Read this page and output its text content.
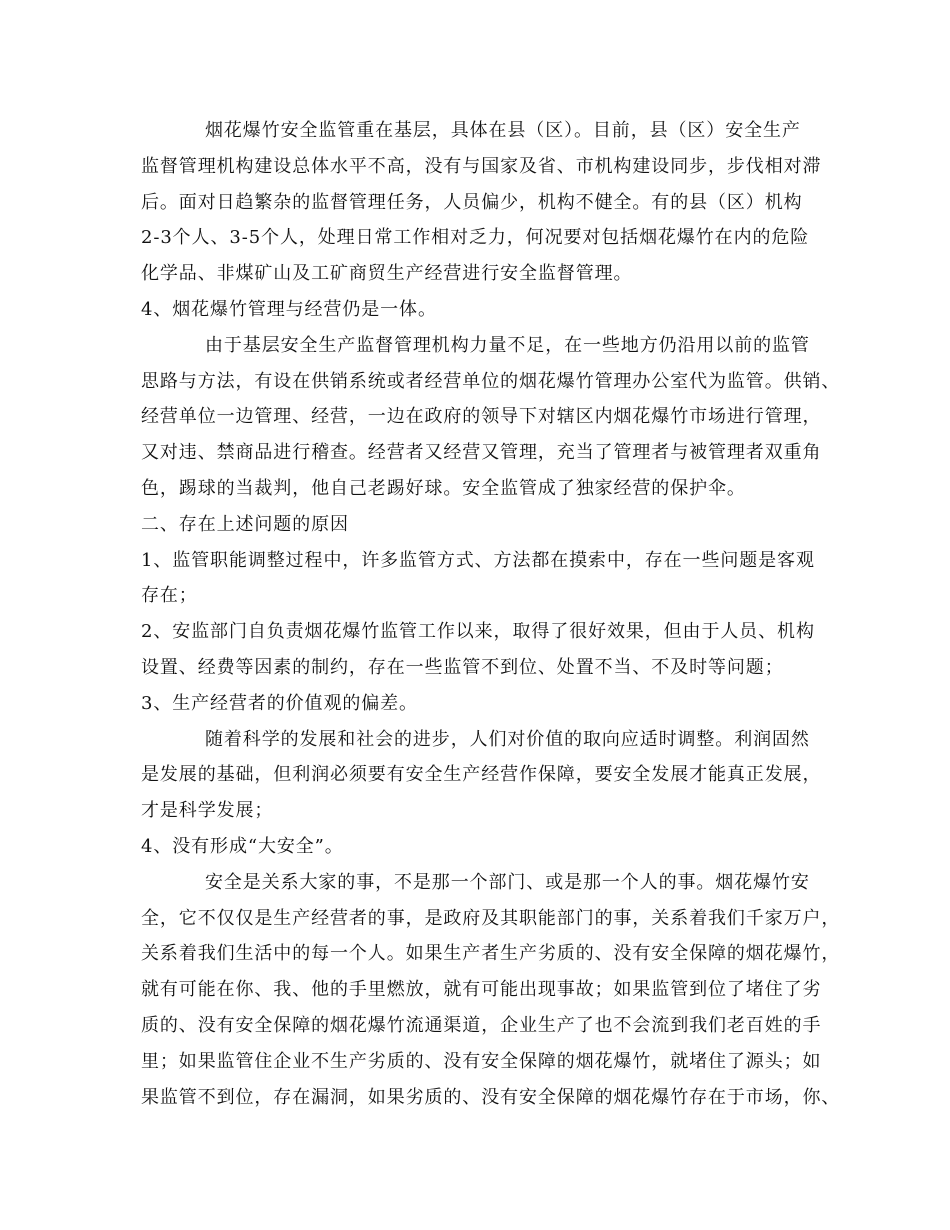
烟花爆竹安全监管重在基层，具体在县（区）。目前，县（区）安全生产
监督管理机构建设总体水平不高，没有与国家及省、市机构建设同步，步伐相对滞
后。面对日趋繁杂的监督管理任务，人员偏少，机构不健全。有的县（区）机构
2-3个人、3-5个人，处理日常工作相对乏力，何况要对包括烟花爆竹在内的危险
化学品、非煤矿山及工矿商贸生产经营进行安全监督管理。
4、烟花爆竹管理与经营仍是一体。
由于基层安全生产监督管理机构力量不足，在一些地方仍沿用以前的监管
思路与方法，有设在供销系统或者经营单位的烟花爆竹管理办公室代为监管。供销、
经营单位一边管理、经营，一边在政府的领导下对辖区内烟花爆竹市场进行管理，
又对违、禁商品进行稽查。经营者又经营又管理，充当了管理者与被管理者双重角
色，踢球的当裁判，他自己老踢好球。安全监管成了独家经营的保护伞。
二、存在上述问题的原因
1、监管职能调整过程中，许多监管方式、方法都在摸索中，存在一些问题是客观
存在；
2、安监部门自负责烟花爆竹监管工作以来，取得了很好效果，但由于人员、机构
设置、经费等因素的制约，存在一些监管不到位、处置不当、不及时等问题；
3、生产经营者的价值观的偏差。
随着科学的发展和社会的进步，人们对价值的取向应适时调整。利润固然
是发展的基础，但利润必须要有安全生产经营作保障，要安全发展才能真正发展，
才是科学发展；
4、没有形成“大安全”。
安全是关系大家的事，不是那一个部门、或是那一个人的事。烟花爆竹安
全，它不仅仅是生产经营者的事，是政府及其职能部门的事，关系着我们千家万户，
关系着我们生活中的每一个人。如果生产者生产劣质的、没有安全保障的烟花爆竹，
就有可能在你、我、他的手里燃放，就有可能出现事故；如果监管到位了堵住了劣
质的、没有安全保障的烟花爆竹流通渠道，企业生产了也不会流到我们老百姓的手
里；如果监管住企业不生产劣质的、没有安全保障的烟花爆竹，就堵住了源头；如
果监管不到位，存在漏洞，如果劣质的、没有安全保障的烟花爆竹存在于市场，你、
